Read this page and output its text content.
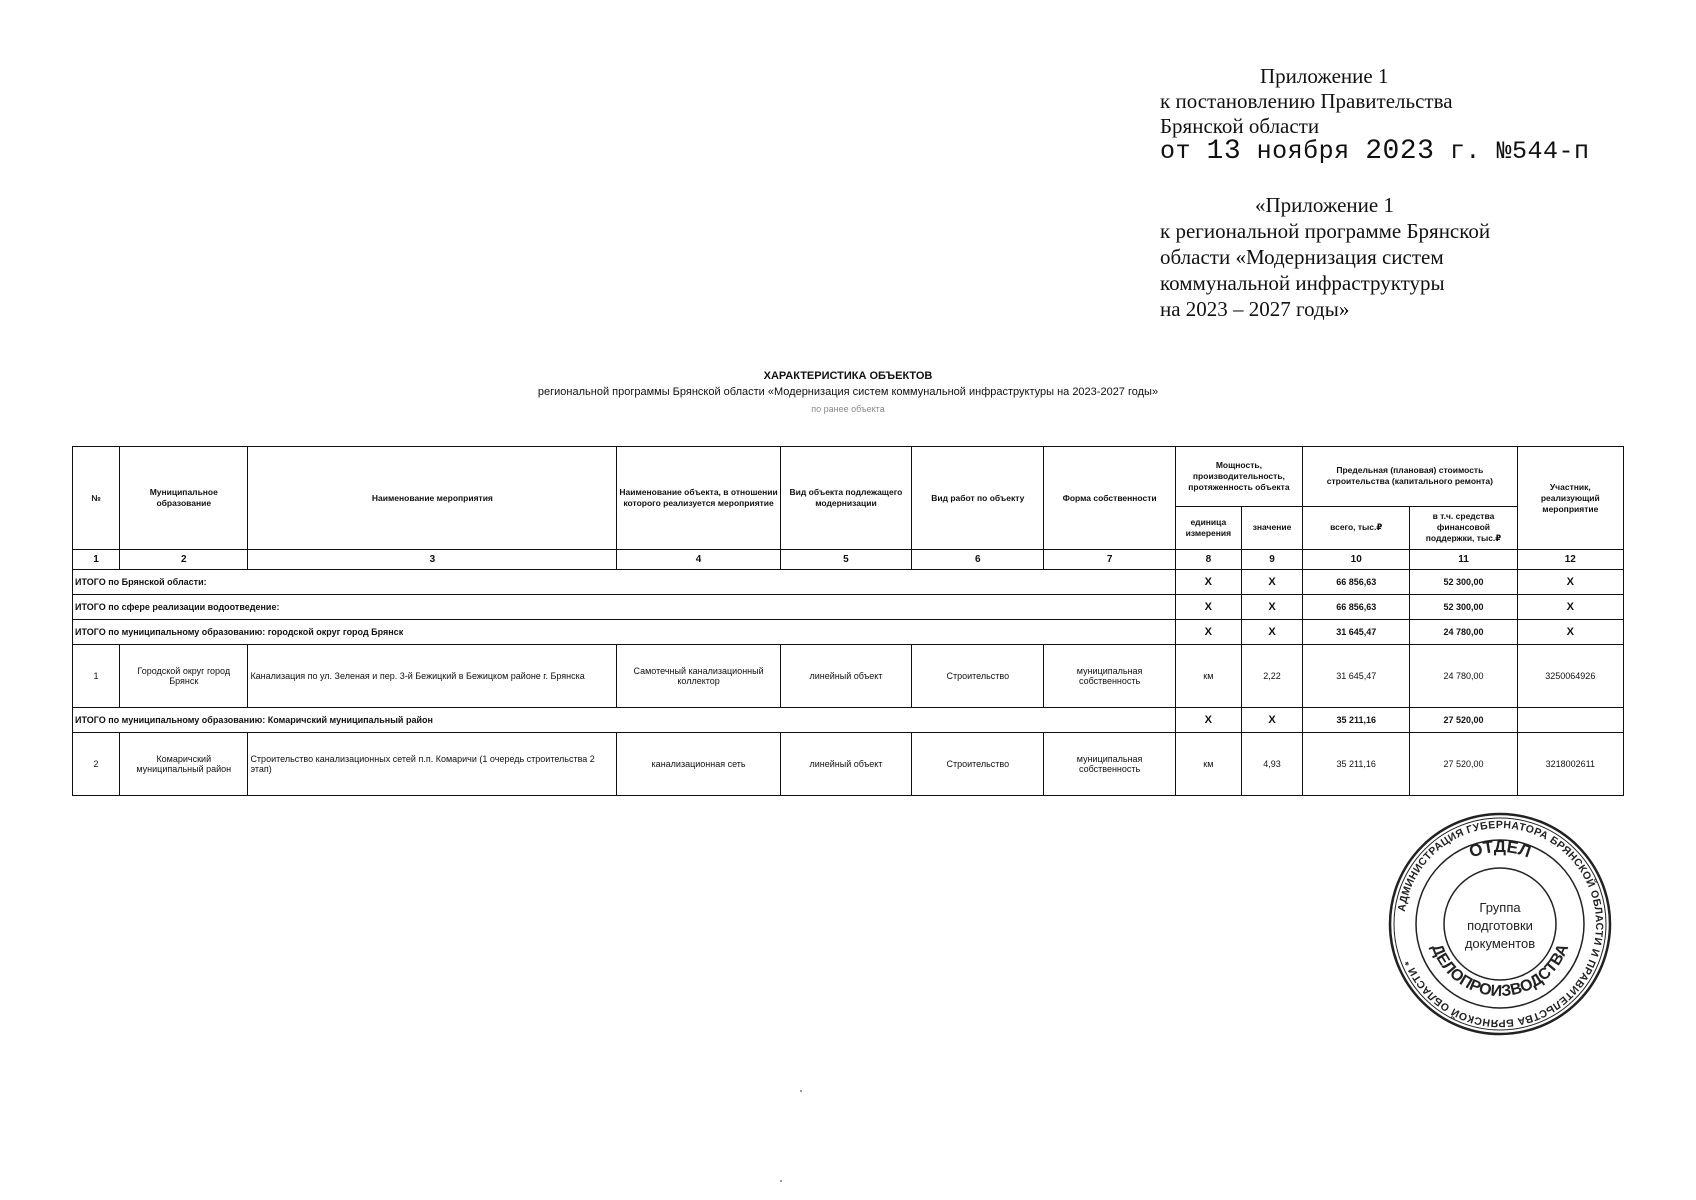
Приложение 1
к постановлению Правительства
Брянской области
от 13 ноября 2023 г. №544-п
«Приложение 1
к региональной программе Брянской
области «Модернизация систем
коммунальной инфраструктуры
на 2023 – 2027 годы»
ХАРАКТЕРИСТИКА ОБЪЕКТОВ
региональной программы Брянской области «Модернизация систем коммунальной инфраструктуры на 2023-2027 годы»
по ранее объекта
№	Муниципальное образование	Наименование мероприятия	Наименование объекта, в отношении которого реализуется мероприятие	Вид объекта подлежащего модернизации	Вид работ по объекту	Форма собственности	Мощность, производительность, протяженность объекта		Предельная (плановая) стоимость строительства (капитального ремонта)		Участник, реализующий мероприятие
							единица измерения	значение	всего, тыс.₽	в т.ч. средства финансовой поддержки, тыс.₽	
1	2	3	4	5	6	7	8	9	10	11	12
ИТОГО по Брянской области:							X	X	66 856,63	52 300,00	X
ИТОГО по сфере реализации водоотведение:							X	X	66 856,63	52 300,00	X
ИТОГО по муниципальному образованию: городской округ город Брянск							X	X	31 645,47	24 780,00	X
1	Городской округ город Брянск	Канализация по ул. Зеленая и пер. 3-й Бежицкий в Бежицком районе г. Брянска	Самотечный канализационный коллектор	линейный объект	Строительство	муниципальная собственность	км	2,22	31 645,47	24 780,00	3250064926
ИТОГО по муниципальному образованию: Комаричский муниципальный район							X	X	35 211,16	27 520,00	
2	Комаричский муниципальный район	Строительство канализационных сетей п.п. Комаричи (1 очередь строительства 2 этап)	канализационная сеть	линейный объект	Строительство	муниципальная собственность	км	4,93	35 211,16	27 520,00	3218002611
АДМИНИСТРАЦИЯ ГУБЕРНАТОРА БРЯНСКОЙ ОБЛАСТИ И ПРАВИТЕЛЬСТВА БРЯНСКОЙ ОБЛАСТИ *
ОТДЕЛ
ДЕЛОПРОИЗВОДСТВА
Группа
подготовки
документов
